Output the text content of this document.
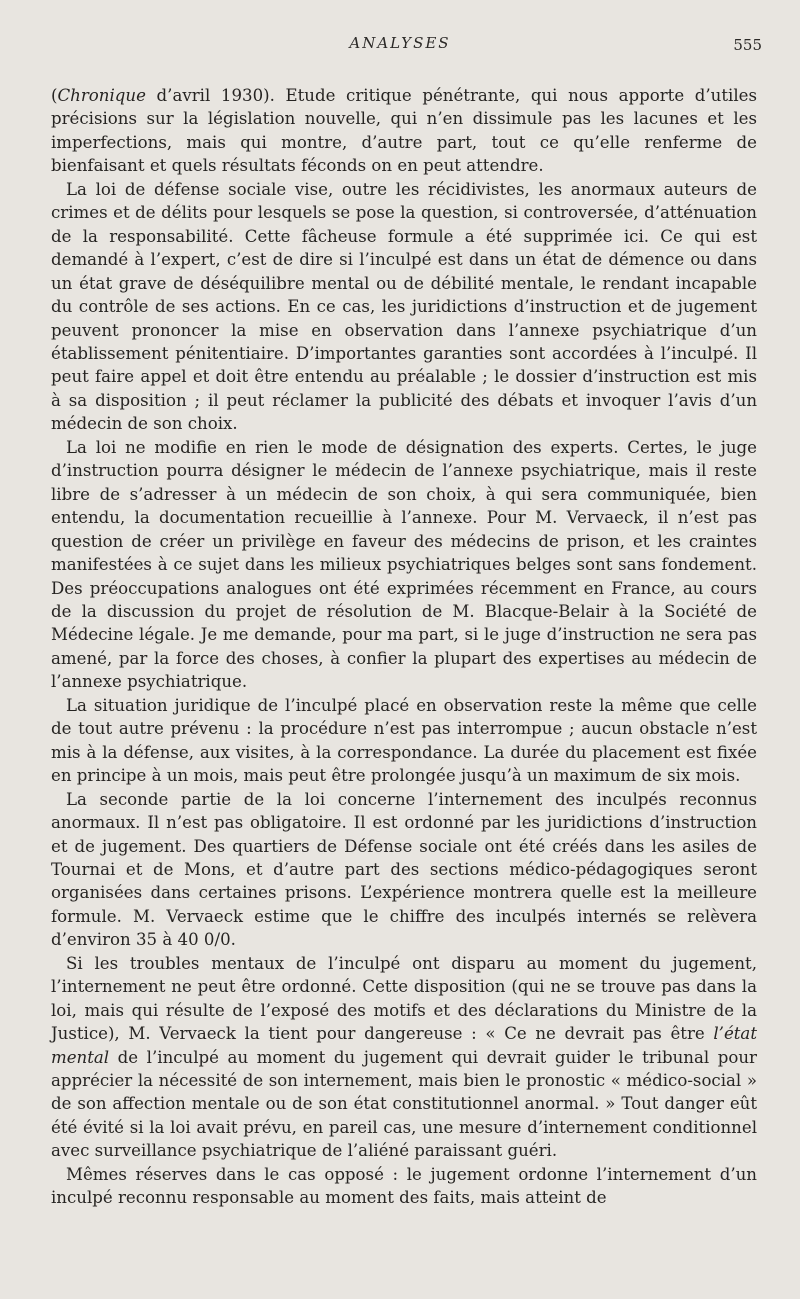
ANALYSES	555

(Chronique d’avril 1930). Etude critique pénétrante, qui nous apporte d’utiles précisions sur la législation nouvelle, qui n’en dissimule pas les lacunes et les imperfections, mais qui montre, d’autre part, tout ce qu’elle renferme de bienfaisant et quels résultats féconds on en peut attendre.

La loi de défense sociale vise, outre les récidivistes, les anormaux auteurs de crimes et de délits pour lesquels se pose la question, si controversée, d’atténuation de la responsabilité. Cette fâcheuse formule a été supprimée ici. Ce qui est demandé à l’expert, c’est de dire si l’inculpé est dans un état de démence ou dans un état grave de déséquilibre mental ou de débilité mentale, le rendant incapable du contrôle de ses actions. En ce cas, les juridictions d’instruction et de jugement peuvent prononcer la mise en observation dans l’annexe psychiatrique d’un établissement pénitentiaire. D’importantes garanties sont accordées à l’inculpé. Il peut faire appel et doit être entendu au préalable ; le dossier d’instruction est mis à sa disposition ; il peut réclamer la publicité des débats et invoquer l’avis d’un médecin de son choix.

La loi ne modifie en rien le mode de désignation des experts. Certes, le juge d’instruction pourra désigner le médecin de l’annexe psychiatrique, mais il reste libre de s’adresser à un médecin de son choix, à qui sera communiquée, bien entendu, la documentation recueillie à l’annexe. Pour M. Vervaeck, il n’est pas question de créer un privilège en faveur des médecins de prison, et les craintes manifestées à ce sujet dans les milieux psychiatriques belges sont sans fondement. Des préoccupations analogues ont été exprimées récemment en France, au cours de la discussion du projet de résolution de M. Blacque-Belair à la Société de Médecine légale. Je me demande, pour ma part, si le juge d’instruction ne sera pas amené, par la force des choses, à confier la plupart des expertises au médecin de l’annexe psychiatrique.

La situation juridique de l’inculpé placé en observation reste la même que celle de tout autre prévenu : la procédure n’est pas interrompue ; aucun obstacle n’est mis à la défense, aux visites, à la correspondance. La durée du placement est fixée en principe à un mois, mais peut être prolongée jusqu’à un maximum de six mois.

La seconde partie de la loi concerne l’internement des inculpés reconnus anormaux. Il n’est pas obligatoire. Il est ordonné par les juridictions d’instruction et de jugement. Des quartiers de Défense sociale ont été créés dans les asiles de Tournai et de Mons, et d’autre part des sections médico-pédagogiques seront organisées dans certaines prisons. L’expérience montrera quelle est la meilleure formule. M. Vervaeck estime que le chiffre des inculpés internés se relèvera d’environ 35 à 40 0/0.

Si les troubles mentaux de l’inculpé ont disparu au moment du jugement, l’internement ne peut être ordonné. Cette disposition (qui ne se trouve pas dans la loi, mais qui résulte de l’exposé des motifs et des déclarations du Ministre de la Justice), M. Vervaeck la tient pour dangereuse : « Ce ne devrait pas être l’état mental de l’inculpé au moment du jugement qui devrait guider le tribunal pour apprécier la nécessité de son internement, mais bien le pronostic « médico-social » de son affection mentale ou de son état constitutionnel anormal. » Tout danger eût été évité si la loi avait prévu, en pareil cas, une mesure d’internement conditionnel avec surveillance psychiatrique de l’aliéné paraissant guéri.

Mêmes réserves dans le cas opposé : le jugement ordonne l’internement d’un inculpé reconnu responsable au moment des faits, mais atteint de
